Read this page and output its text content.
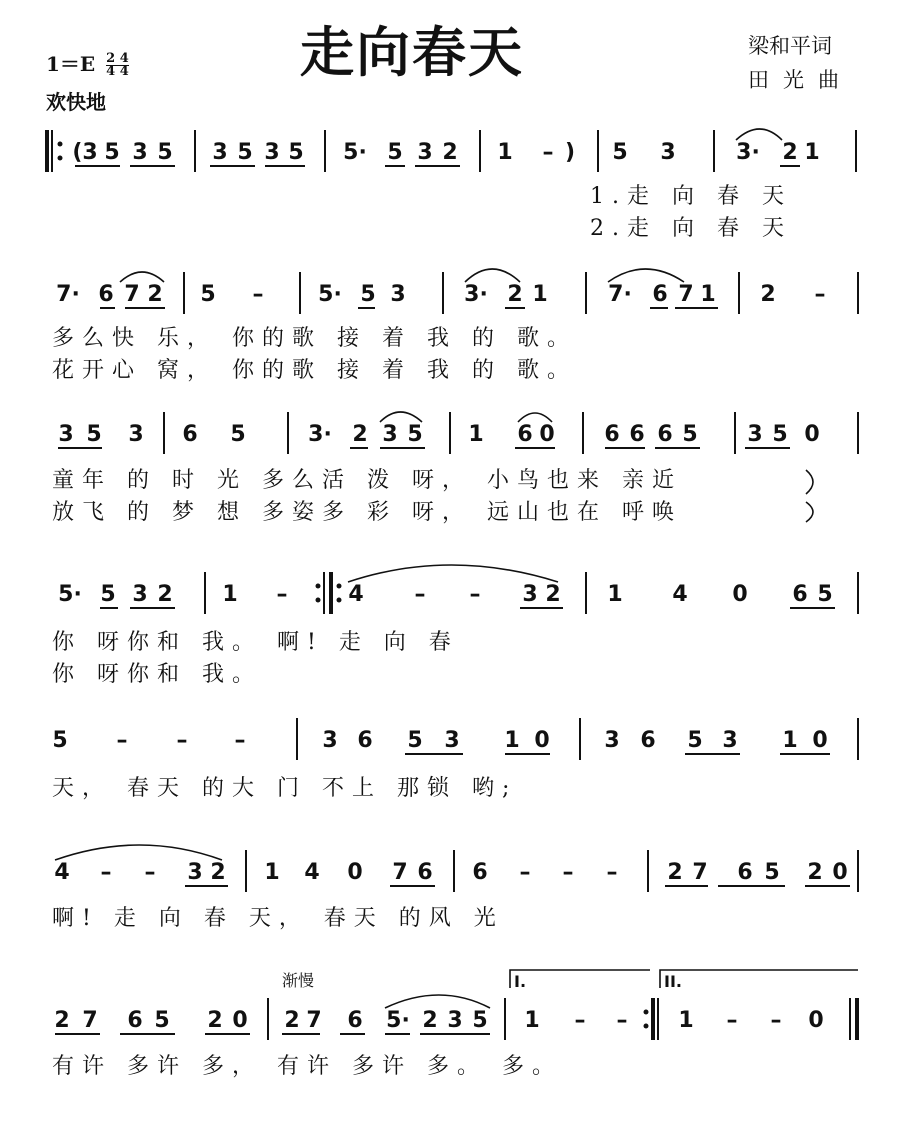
走向春天
$1=E \frac{2 4}{4 4}$
欢快地
梁和平词
田光曲
(3 5 3 5 3 5 3 5 5· 5 3 2 1 – ) 5 3	3· 2 1
1.走 向 春 天
2.走 向 春 天
7· 6 7 2 5 – 5· 5 3	3· 2 1	7· 6 7 1 2 –
多么快 乐， 你的歌 接 着 我 的 歌。
花开心 窝， 你的歌 接 着 我 的 歌。
3 5 3 6 5	3· 2 3 5 1 6 0 6 6 6 5 3 5 0
童年 的 时 光 多么活 泼 呀， 小鸟也来 亲近
放飞 的 梦 想 多姿多 彩 呀， 远山也在 呼唤
5· 5 3 2 1 –	4 – – 3 2 1 4 0 6 5
你 呀你和 我。 啊! 走 向 春
你 呀你和 我。
5 – – –	3 6 5 3 1 0 3 6 5 3 1 0
天， 春天 的大 门 不上 那锁 哟;
4 – – 3 2 1 4 0 7 6 6 – – – 2 7 6 5 2 0
啊! 走 向 春 天， 春天 的风 光
渐慢	I.	II.
2 7 6 5 2 0 2 7 6 5· 2 3 5 1 – – 1 – – 0
有许 多许 多， 有许 多许 多。 多。
